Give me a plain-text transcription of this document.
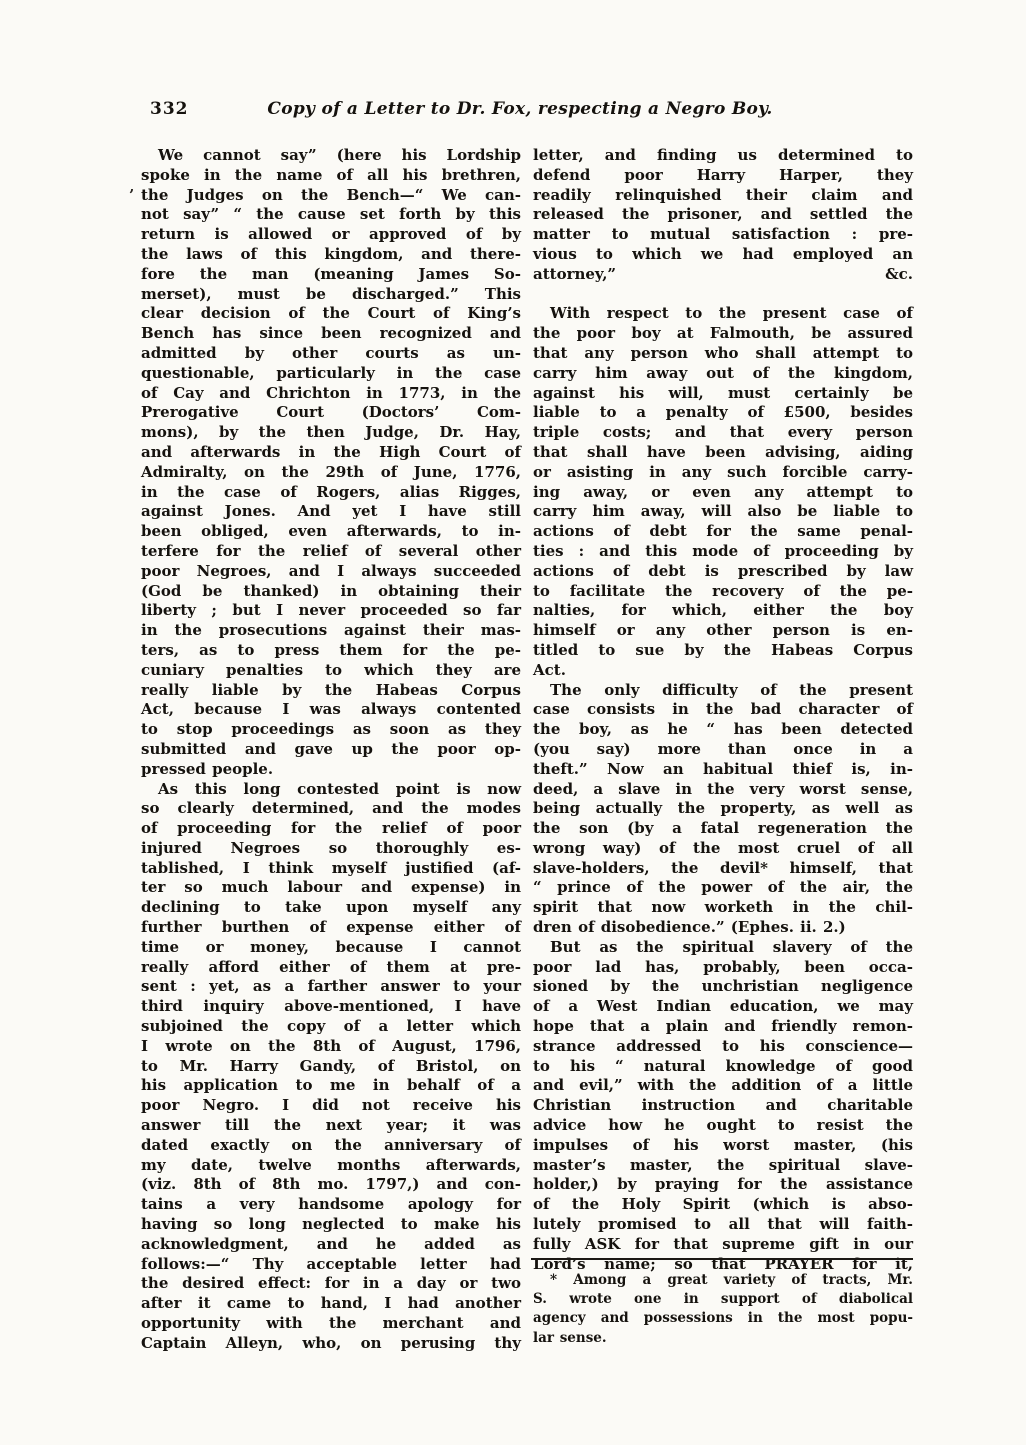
332	Copy of a Letter to Dr. Fox, respecting a Negro Boy.
’
We cannot say” (here his Lordship
spoke in the name of all his brethren,
the Judges on the Bench—“ We can-
not say” “ the cause set forth by this
return is allowed or approved of by
the laws of this kingdom, and there-
fore the man (meaning James So-
merset), must be discharged.” This
clear decision of the Court of King’s
Bench has since been recognized and
admitted by other courts as un-
questionable, particularly in the case
of Cay and Chrichton in 1773, in the
Prerogative Court (Doctors’ Com-
mons), by the then Judge, Dr. Hay,
and afterwards in the High Court of
Admiralty, on the 29th of June, 1776,
in the case of Rogers, alias Rigges,
against Jones. And yet I have still
been obliged, even afterwards, to in-
terfere for the relief of several other
poor Negroes, and I always succeeded
(God be thanked) in obtaining their
liberty ; but I never proceeded so far
in the prosecutions against their mas-
ters, as to press them for the pe-
cuniary penalties to which they are
really liable by the Habeas Corpus
Act, because I was always contented
to stop proceedings as soon as they
submitted and gave up the poor op-
pressed people.
As this long contested point is now
so clearly determined, and the modes
of proceeding for the relief of poor
injured Negroes so thoroughly es-
tablished, I think myself justified (af-
ter so much labour and expense) in
declining to take upon myself any
further burthen of expense either of
time or money, because I cannot
really afford either of them at pre-
sent : yet, as a farther answer to your
third inquiry above-mentioned, I have
subjoined the copy of a letter which
I wrote on the 8th of August, 1796,
to Mr. Harry Gandy, of Bristol, on
his application to me in behalf of a
poor Negro. I did not receive his
answer till the next year; it was
dated exactly on the anniversary of
my date, twelve months afterwards,
(viz. 8th of 8th mo. 1797,) and con-
tains a very handsome apology for
having so long neglected to make his
acknowledgment, and he added as
follows:—“ Thy acceptable letter had
the desired effect: for in a day or two
after it came to hand, I had another
opportunity with the merchant and
Captain Alleyn, who, on perusing thy
letter, and finding us determined to
defend poor Harry Harper, they
readily relinquished their claim and
released the prisoner, and settled the
matter to mutual satisfaction : pre-
vious to which we had employed an
attorney,” &c.
With respect to the present case of
the poor boy at Falmouth, be assured
that any person who shall attempt to
carry him away out of the kingdom,
against his will, must certainly be
liable to a penalty of £500, besides
triple costs; and that every person
that shall have been advising, aiding
or asisting in any such forcible carry-
ing away, or even any attempt to
carry him away, will also be liable to
actions of debt for the same penal-
ties : and this mode of proceeding by
actions of debt is prescribed by law
to facilitate the recovery of the pe-
nalties, for which, either the boy
himself or any other person is en-
titled to sue by the Habeas Corpus
Act.
The only difficulty of the present
case consists in the bad character of
the boy, as he “ has been detected
(you say) more than once in a
theft.” Now an habitual thief is, in-
deed, a slave in the very worst sense,
being actually the property, as well as
the son (by a fatal regeneration the
wrong way) of the most cruel of all
slave-holders, the devil* himself, that
“ prince of the power of the air, the
spirit that now worketh in the chil-
dren of disobedience.” (Ephes. ii. 2.)
But as the spiritual slavery of the
poor lad has, probably, been occa-
sioned by the unchristian negligence
of a West Indian education, we may
hope that a plain and friendly remon-
strance addressed to his conscience—
to his “ natural knowledge of good
and evil,” with the addition of a little
Christian instruction and charitable
advice how he ought to resist the
impulses of his worst master, (his
master’s master, the spiritual slave-
holder,) by praying for the assistance
of the Holy Spirit (which is abso-
lutely promised to all that will faith-
fully ASK for that supreme gift in our
Lord’s name; so that PRAYER for it,
* Among a great variety of tracts, Mr.
S. wrote one in support of diabolical
agency and possessions in the most popu-
lar sense.
